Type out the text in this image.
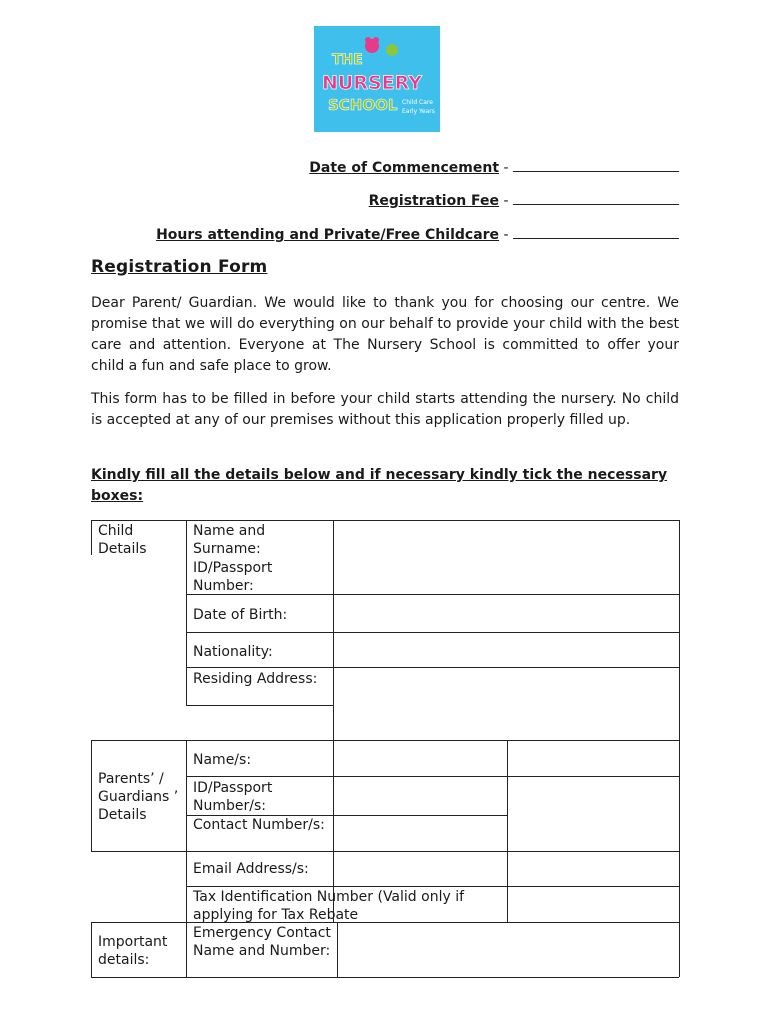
THE
NURSERY
SCHOOL Child Care
Early Years
Date of Commencement -
Registration Fee -
Hours attending and Private/Free Childcare -
Registration Form

Dear Parent/ Guardian. We would like to thank you for choosing our centre. We promise that we will do everything on our behalf to provide your child with the best care and attention. Everyone at The Nursery School is committed to offer your child a fun and safe place to grow.

This form has to be filled in before your child starts attending the nursery. No child is accepted at any of our premises without this application properly filled up.

Kindly fill all the details below and if necessary kindly tick the necessary boxes:

Child Details
Name and Surname:
ID/Passport Number:
Date of Birth:
Nationality:
Residing Address:
Parents’ / Guardians ’ Details
Name/s:
ID/Passport Number/s:
Contact Number/s:
Email Address/s:
Tax Identification Number (Valid only if applying for Tax Rebate
Important details:
Emergency Contact Name and Number:
